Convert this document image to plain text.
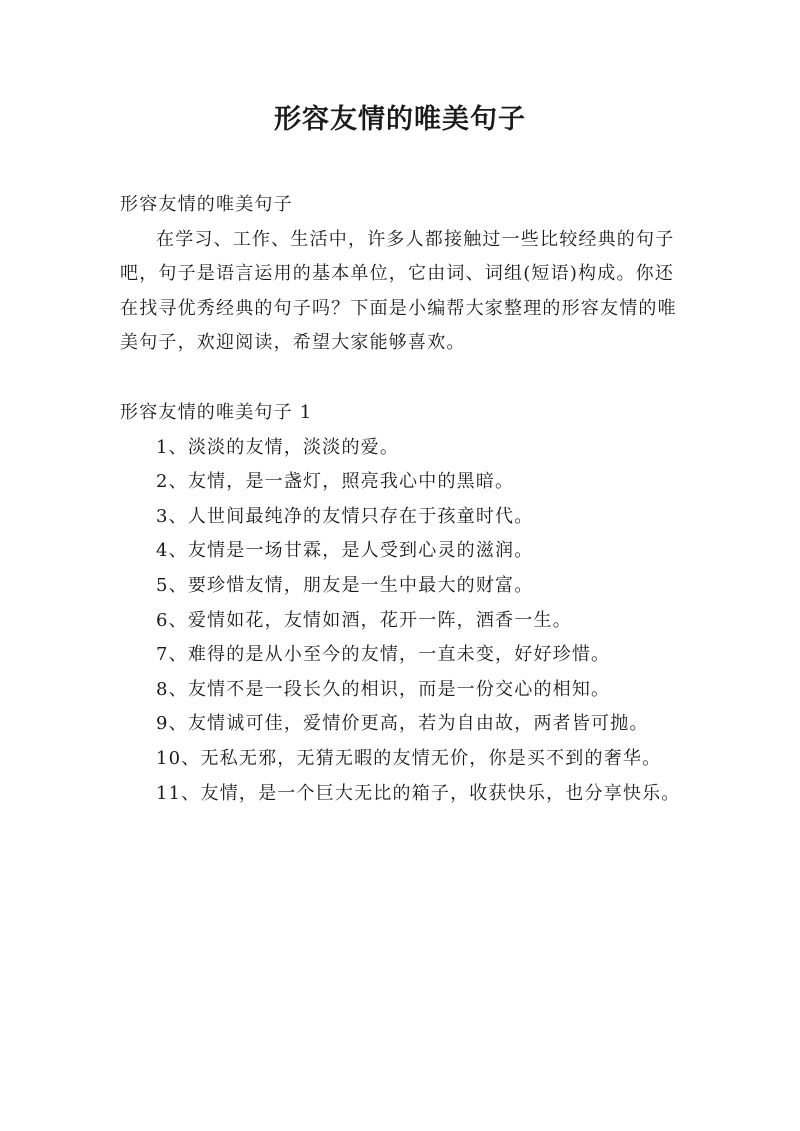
形容友情的唯美句子

形容友情的唯美句子

在学习、工作、生活中，许多人都接触过一些比较经典的句子吧，句子是语言运用的基本单位，它由词、词组(短语)构成。你还在找寻优秀经典的句子吗？下面是小编帮大家整理的形容友情的唯美句子，欢迎阅读，希望大家能够喜欢。

形容友情的唯美句子 1

1、淡淡的友情，淡淡的爱。
2、友情，是一盏灯，照亮我心中的黑暗。
3、人世间最纯净的友情只存在于孩童时代。
4、友情是一场甘霖，是人受到心灵的滋润。
5、要珍惜友情，朋友是一生中最大的财富。
6、爱情如花，友情如酒，花开一阵，酒香一生。
7、难得的是从小至今的友情，一直未变，好好珍惜。
8、友情不是一段长久的相识，而是一份交心的相知。
9、友情诚可佳，爱情价更高，若为自由故，两者皆可抛。
10、无私无邪，无猜无暇的友情无价，你是买不到的奢华。
11、友情，是一个巨大无比的箱子，收获快乐，也分享快乐。
